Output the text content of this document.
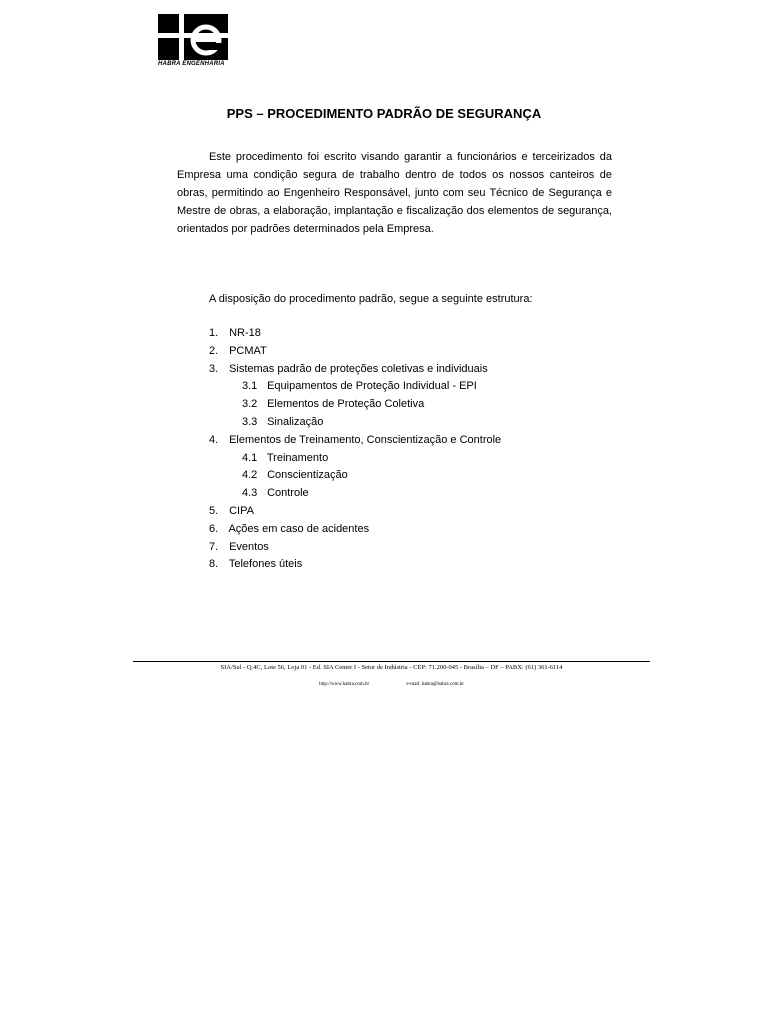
HABRA ENGENHARIA
PPS – PROCEDIMENTO PADRÃO DE SEGURANÇA

Este procedimento foi escrito visando garantir a funcionários e terceirizados da Empresa uma condição segura de trabalho dentro de todos os nossos canteiros de obras, permitindo ao Engenheiro Responsável, junto com seu Técnico de Segurança e Mestre de obras, a elaboração, implantação e fiscalização dos elementos de segurança, orientados por padrões determinados pela Empresa.

A disposição do procedimento padrão, segue a seguinte estrutura:
1. NR-18
2. PCMAT
3. Sistemas padrão de proteções coletivas e individuais
3.1 Equipamentos de Proteção Individual - EPI
3.2 Elementos de Proteção Coletiva
3.3 Sinalização
4. Elementos de Treinamento, Conscientização e Controle
4.1 Treinamento
4.2 Conscientização
4.3 Controle
5. CIPA
6. Ações em caso de acidentes
7. Eventos
8. Telefones úteis
SIA/Sul - Q.4C, Lote 56, Loja 01 - Ed. SIA Center I - Setor de Indústria - CEP: 71.200-045 - Brasília – DF – PABX: (61) 361-6114
http://www.habra.com.br	e-mail: habra@habra.com.br
